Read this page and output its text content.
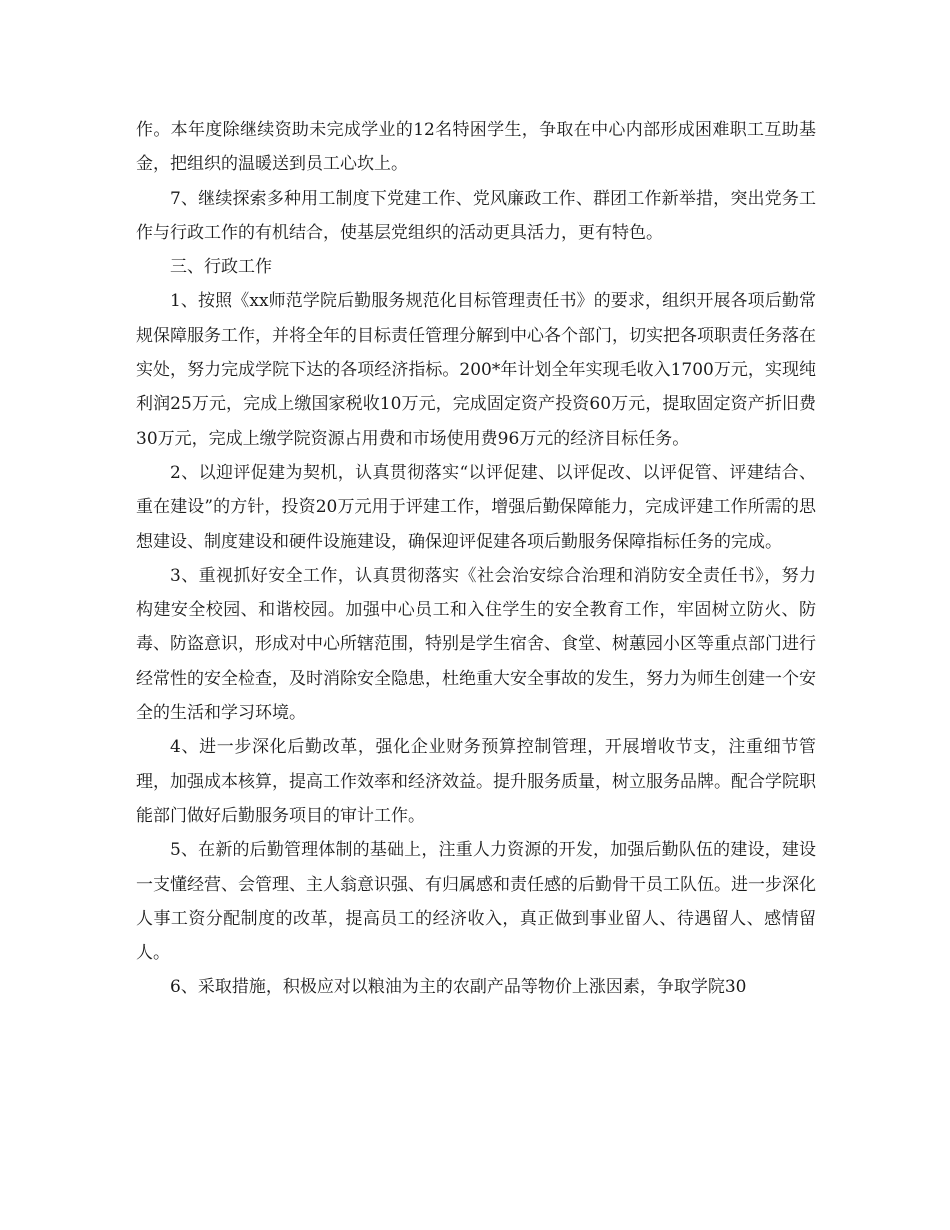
作。本年度除继续资助未完成学业的12名特困学生，争取在中心内部形成困难职工互助基金，把组织的温暖送到员工心坎上。

7、继续探索多种用工制度下党建工作、党风廉政工作、群团工作新举措，突出党务工作与行政工作的有机结合，使基层党组织的活动更具活力，更有特色。

三、行政工作

1、按照《xx师范学院后勤服务规范化目标管理责任书》的要求，组织开展各项后勤常规保障服务工作，并将全年的目标责任管理分解到中心各个部门，切实把各项职责任务落在实处，努力完成学院下达的各项经济指标。200*年计划全年实现毛收入1700万元，实现纯利润25万元，完成上缴国家税收10万元，完成固定资产投资60万元，提取固定资产折旧费30万元，完成上缴学院资源占用费和市场使用费96万元的经济目标任务。

2、以迎评促建为契机，认真贯彻落实“以评促建、以评促改、以评促管、评建结合、重在建设”的方针，投资20万元用于评建工作，增强后勤保障能力，完成评建工作所需的思想建设、制度建设和硬件设施建设，确保迎评促建各项后勤服务保障指标任务的完成。

3、重视抓好安全工作，认真贯彻落实《社会治安综合治理和消防安全责任书》，努力构建安全校园、和谐校园。加强中心员工和入住学生的安全教育工作，牢固树立防火、防毒、防盗意识，形成对中心所辖范围，特别是学生宿舍、食堂、树蕙园小区等重点部门进行经常性的安全检查，及时消除安全隐患，杜绝重大安全事故的发生，努力为师生创建一个安全的生活和学习环境。

4、进一步深化后勤改革，强化企业财务预算控制管理，开展增收节支，注重细节管理，加强成本核算，提高工作效率和经济效益。提升服务质量，树立服务品牌。配合学院职能部门做好后勤服务项目的审计工作。

5、在新的后勤管理体制的基础上，注重人力资源的开发，加强后勤队伍的建设，建设一支懂经营、会管理、主人翁意识强、有归属感和责任感的后勤骨干员工队伍。进一步深化人事工资分配制度的改革，提高员工的经济收入，真正做到事业留人、待遇留人、感情留人。

6、采取措施，积极应对以粮油为主的农副产品等物价上涨因素，争取学院30
